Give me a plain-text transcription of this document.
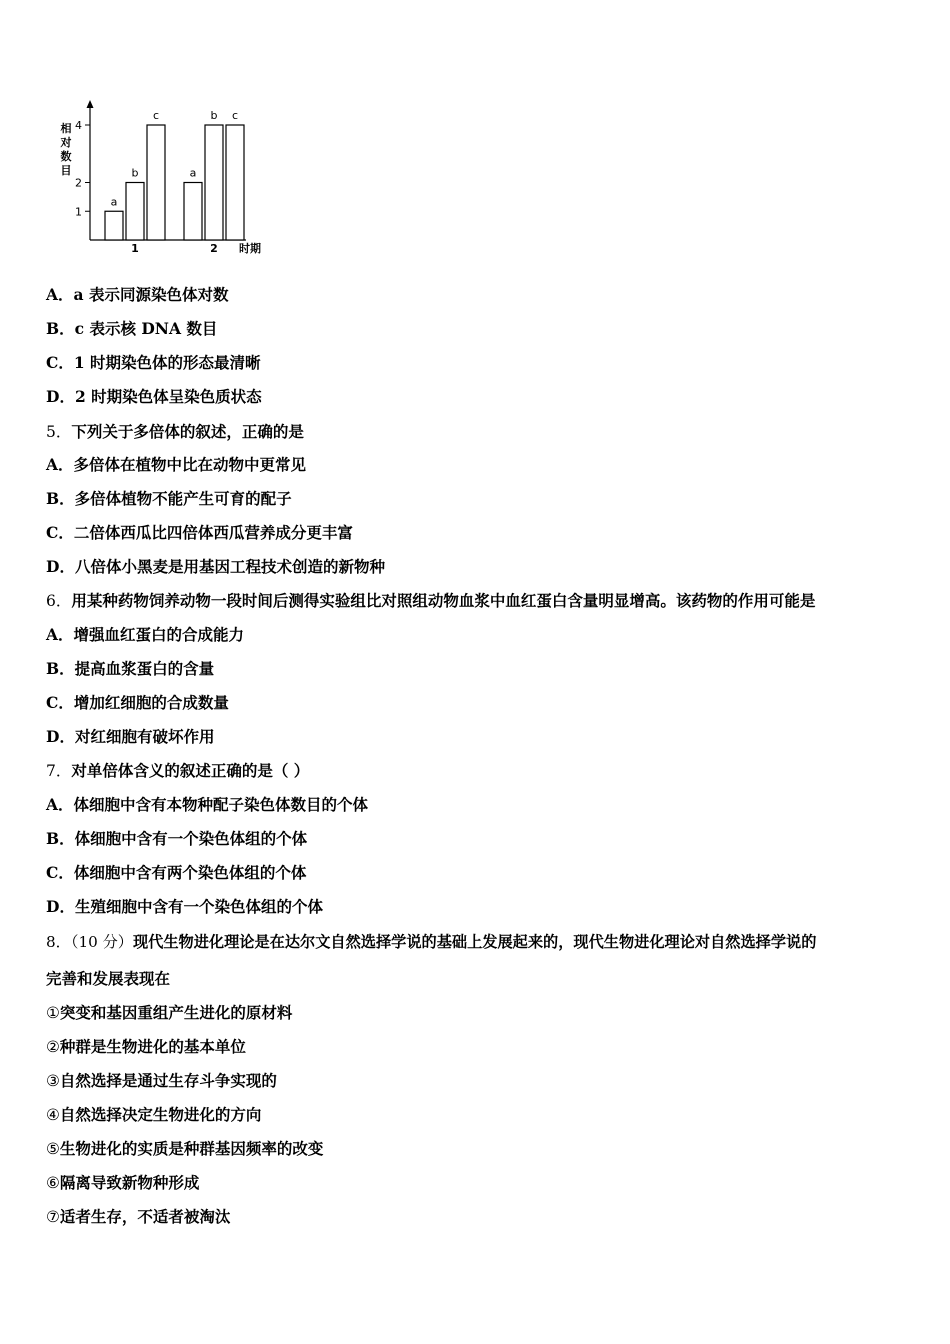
相
对
数
目
1
2
4
a
b
c
a
b c
1	2 时期
A．a 表示同源染色体对数
B．c 表示核 DNA 数目
C．1 时期染色体的形态最清晰
D．2 时期染色体呈染色质状态
5．下列关于多倍体的叙述，正确的是
A．多倍体在植物中比在动物中更常见
B．多倍体植物不能产生可育的配子
C．二倍体西瓜比四倍体西瓜营养成分更丰富
D．八倍体小黑麦是用基因工程技术创造的新物种
6．用某种药物饲养动物一段时间后测得实验组比对照组动物血浆中血红蛋白含量明显增高。该药物的作用可能是
A．增强血红蛋白的合成能力
B．提高血浆蛋白的含量
C．增加红细胞的合成数量
D．对红细胞有破坏作用
7．对单倍体含义的叙述正确的是（ ）
A．体细胞中含有本物种配子染色体数目的个体
B．体细胞中含有一个染色体组的个体
C．体细胞中含有两个染色体组的个体
D．生殖细胞中含有一个染色体组的个体
8．（10 分）现代生物进化理论是在达尔文自然选择学说的基础上发展起来的，现代生物进化理论对自然选择学说的
完善和发展表现在
①突变和基因重组产生进化的原材料
②种群是生物进化的基本单位
③自然选择是通过生存斗争实现的
④自然选择决定生物进化的方向
⑤生物进化的实质是种群基因频率的改变
⑥隔离导致新物种形成
⑦适者生存，不适者被淘汰
